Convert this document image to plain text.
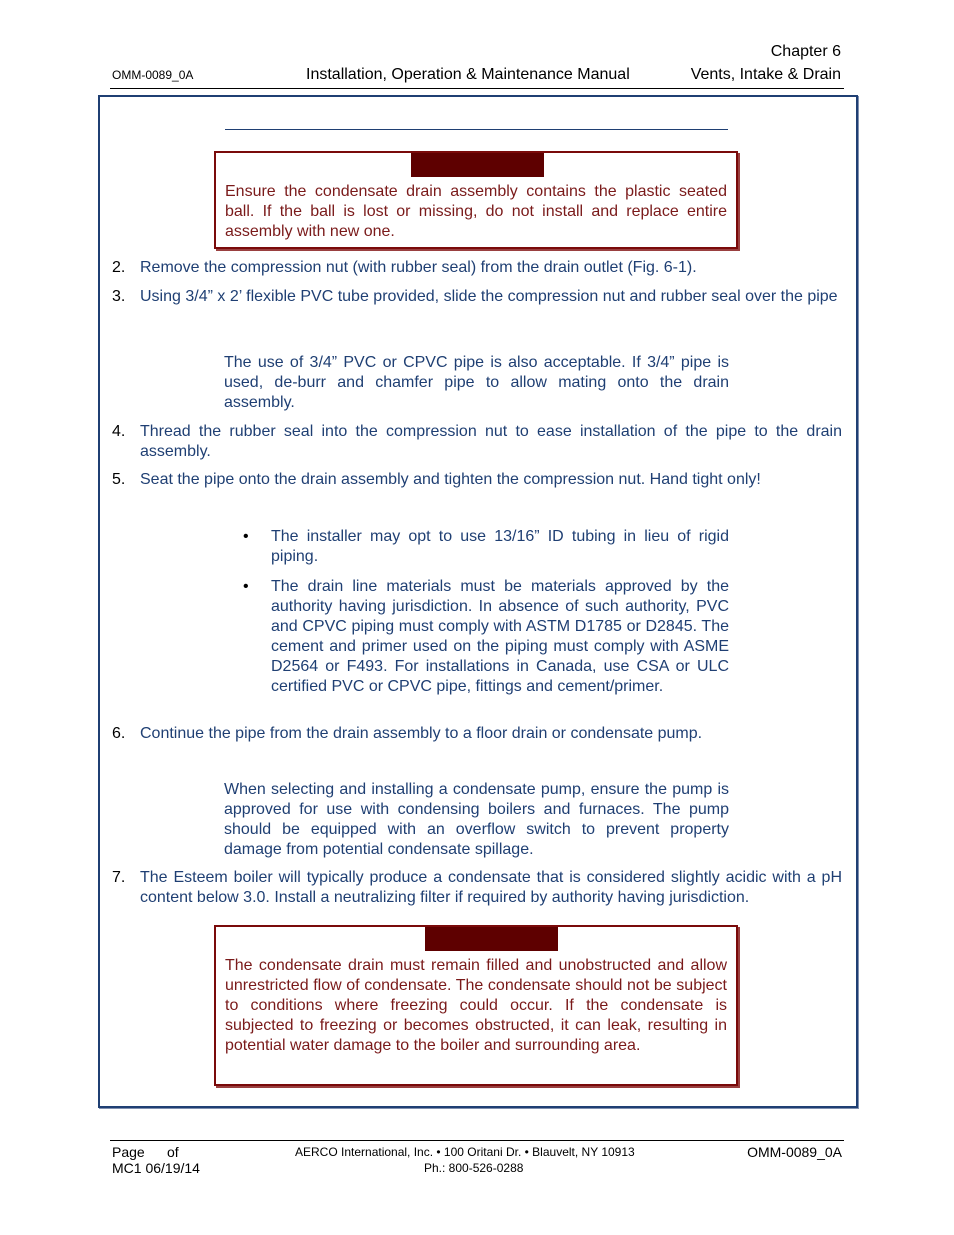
Chapter 6
OMM-0089_0A	Installation, Operation & Maintenance Manual	Vents, Intake & Drain
Ensure the condensate drain assembly contains the plastic seated ball. If the ball is lost or missing, do not install and replace entire assembly with new one.
2. Remove the compression nut (with rubber seal) from the drain outlet (Fig. 6-1).
3. Using 3/4” x 2’ flexible PVC tube provided, slide the compression nut and rubber seal over the pipe
The use of 3/4” PVC or CPVC pipe is also acceptable. If 3/4” pipe is used, de-burr and chamfer pipe to allow mating onto the drain assembly.
4. Thread the rubber seal into the compression nut to ease installation of the pipe to the drain assembly.
5. Seat the pipe onto the drain assembly and tighten the compression nut. Hand tight only!
• The installer may opt to use 13/16” ID tubing in lieu of rigid piping.
• The drain line materials must be materials approved by the authority having jurisdiction. In absence of such authority, PVC and CPVC piping must comply with ASTM D1785 or D2845. The cement and primer used on the piping must comply with ASME D2564 or F493. For installations in Canada, use CSA or ULC certified PVC or CPVC pipe, fittings and cement/primer.
6. Continue the pipe from the drain assembly to a floor drain or condensate pump.
When selecting and installing a condensate pump, ensure the pump is approved for use with condensing boilers and furnaces. The pump should be equipped with an overflow switch to prevent property damage from potential condensate spillage.
7. The Esteem boiler will typically produce a condensate that is considered slightly acidic with a pH content below 3.0. Install a neutralizing filter if required by authority having jurisdiction.
The condensate drain must remain filled and unobstructed and allow unrestricted flow of condensate. The condensate should not be subject to conditions where freezing could occur. If the condensate is subjected to freezing or becomes obstructed, it can leak, resulting in potential water damage to the boiler and surrounding area.
Page of
MC1 06/19/14
AERCO International, Inc. • 100 Oritani Dr. • Blauvelt, NY 10913
Ph.: 800-526-0288
OMM-0089_0A
